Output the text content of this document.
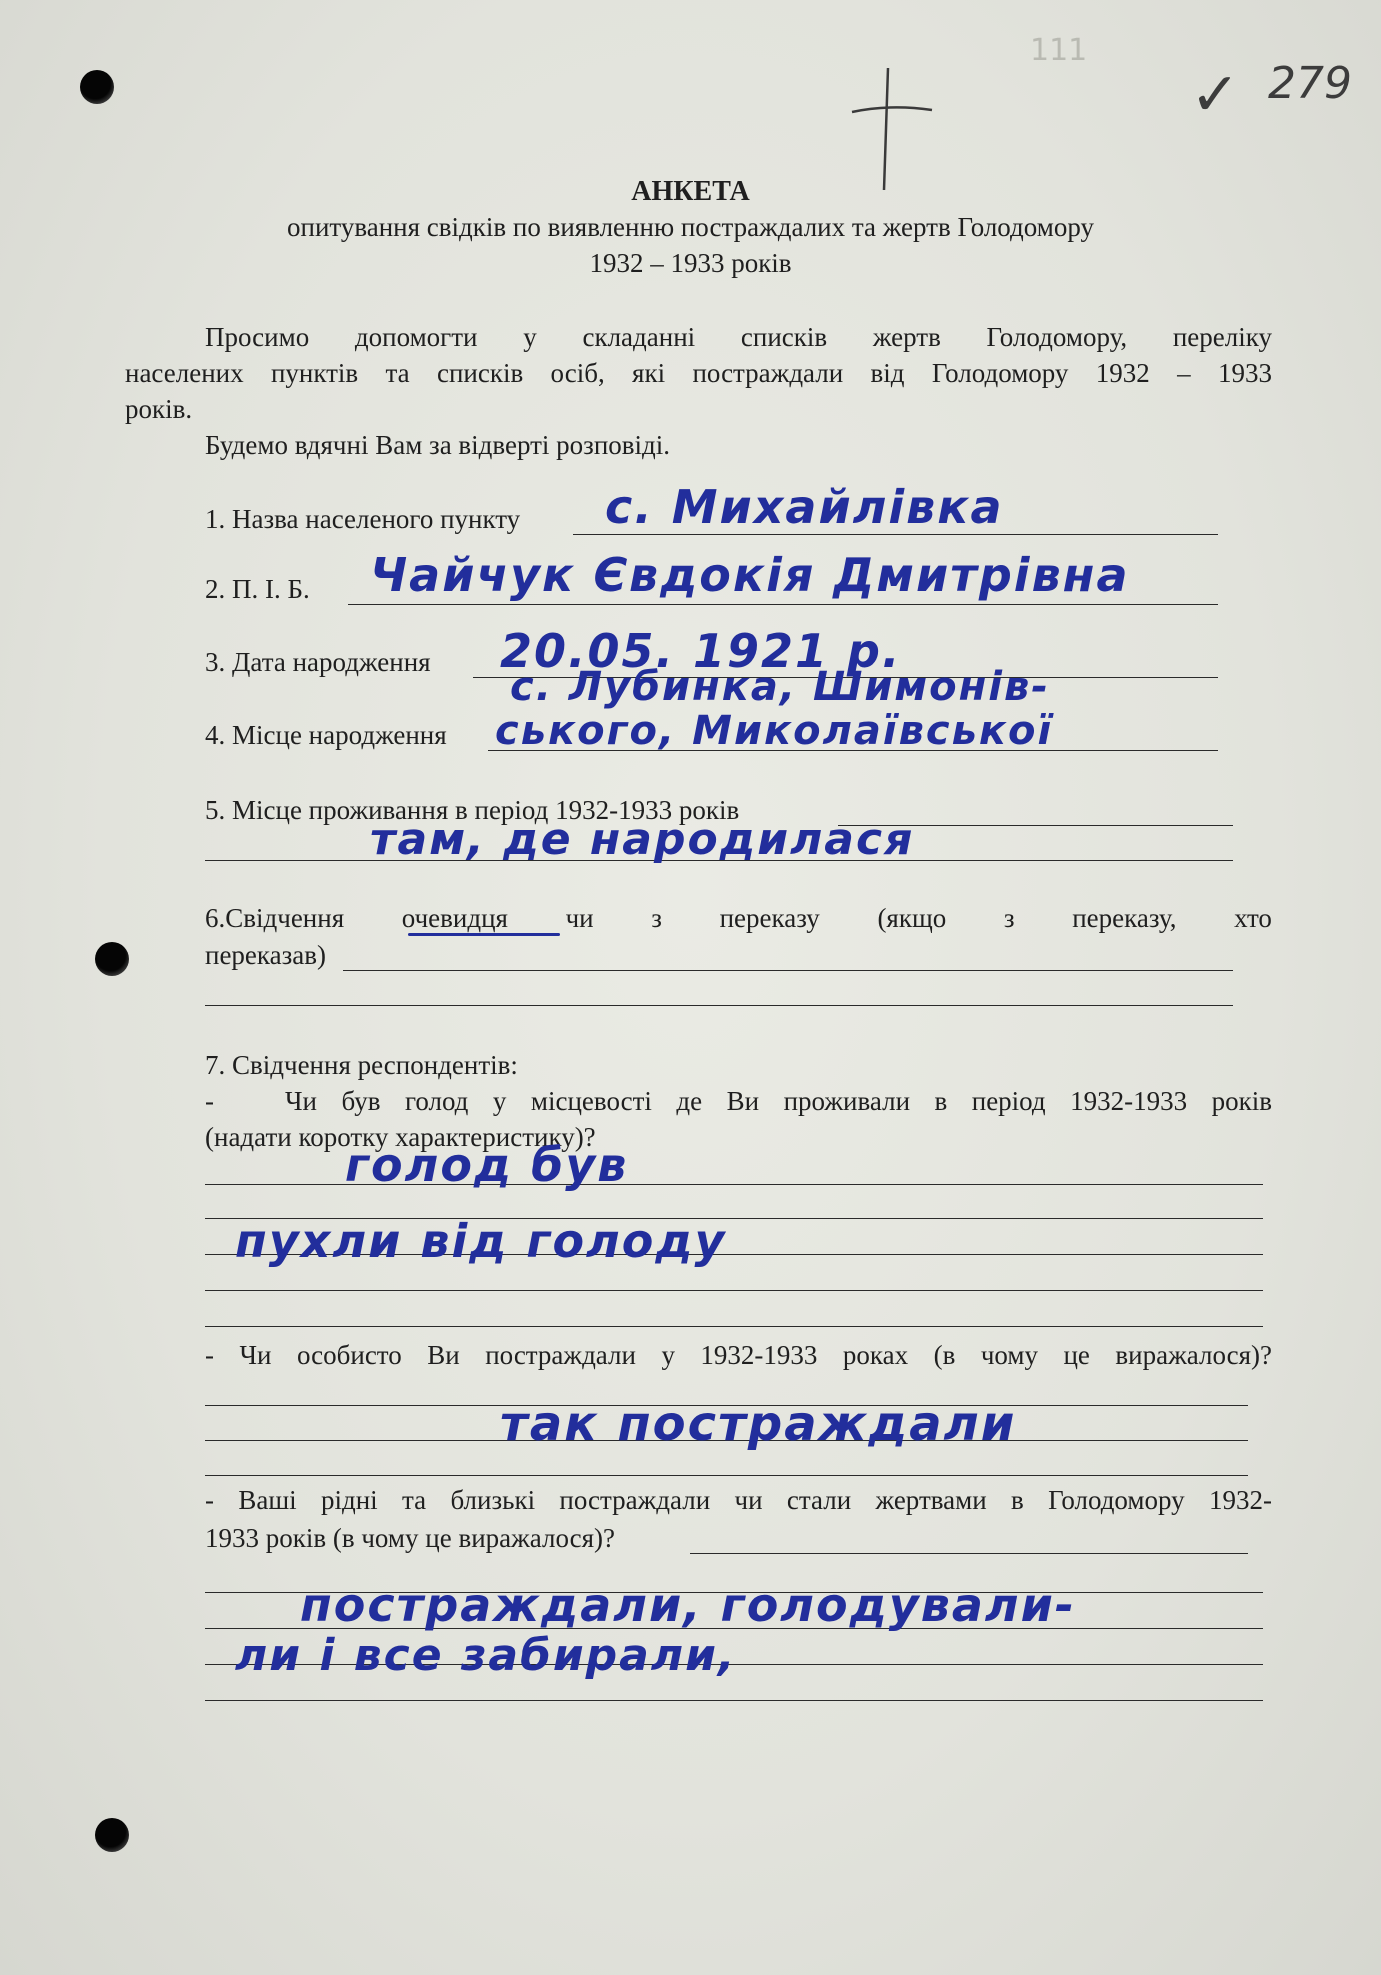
111
✓ 279
АНКЕТА
опитування свідків по виявленню постраждалих та жертв Голодомору
1932 – 1933 років
Просимо допомогти у складанні списків жертв Голодомору, переліку
населених пунктів та списків осіб, які постраждали від Голодомору 1932 – 1933
років.
Будемо вдячні Вам за відверті розповіді.
1. Назва населеного пункту с. Михайлівка
2. П. І. Б. Чайчук Євдокія Дмитрівна
3. Дата народження 20.05. 1921 р.
с. Лубинка, Шимонів-
4. Місце народження ського, Миколаївської
5. Місце проживання в період 1932-1933 років
там, де народилася
6.Свідчення очевидця чи з переказу (якщо з переказу, хто
переказав)
7. Свідчення респондентів:
-	Чи був голод у місцевості де Ви проживали в період 1932-1933 років
(надати коротку характеристику)?
голод був
пухли від голоду
- Чи особисто Ви постраждали у 1932-1933 роках (в чому це виражалося)?
так постраждали
- Ваші рідні та близькі постраждали чи стали жертвами в Голодомору 1932-
1933 років (в чому це виражалося)?
постраждали, голодували-
ли і все забирали,
